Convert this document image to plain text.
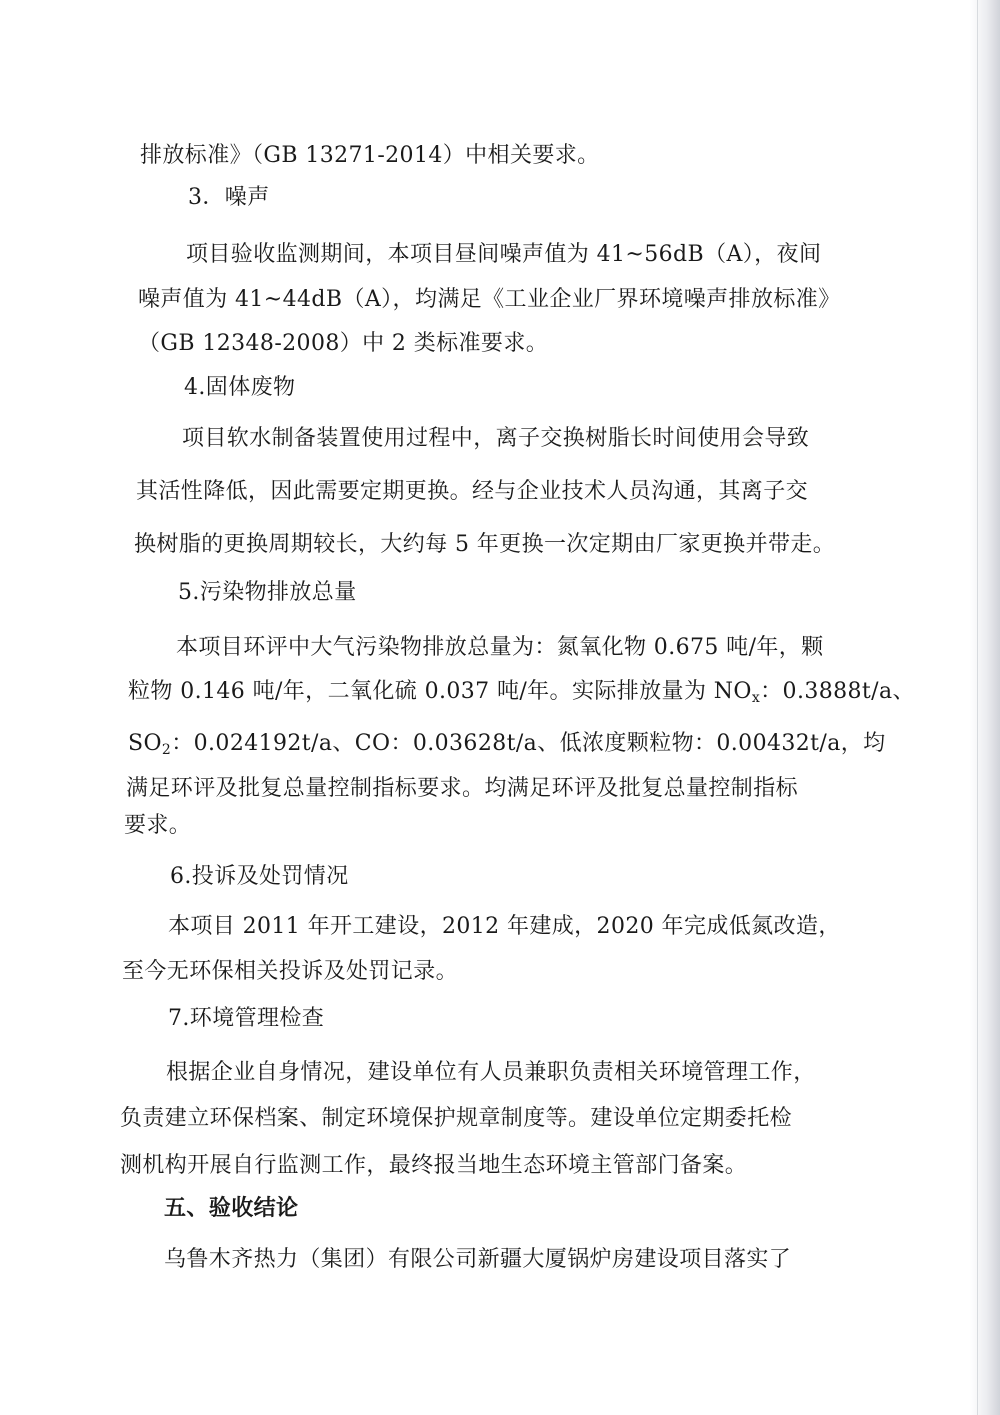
排放标准》（GB 13271-2014）中相关要求。
3．噪声
项目验收监测期间，本项目昼间噪声值为 41~56dB（A），夜间
噪声值为 41~44dB（A），均满足《工业企业厂界环境噪声排放标准》
（GB 12348-2008）中 2 类标准要求。
4.固体废物
项目软水制备装置使用过程中，离子交换树脂长时间使用会导致
其活性降低，因此需要定期更换。经与企业技术人员沟通，其离子交
换树脂的更换周期较长，大约每 5 年更换一次定期由厂家更换并带走。
5.污染物排放总量
本项目环评中大气污染物排放总量为：氮氧化物 0.675 吨/年，颗
粒物 0.146 吨/年，二氧化硫 0.037 吨/年。实际排放量为 $NO_x$：0.3888t/a、
$SO_2$：0.024192t/a、CO：0.03628t/a、低浓度颗粒物：0.00432t/a，均
满足环评及批复总量控制指标要求。均满足环评及批复总量控制指标
要求。
6.投诉及处罚情况
本项目 2011 年开工建设，2012 年建成，2020 年完成低氮改造，
至今无环保相关投诉及处罚记录。
7.环境管理检查
根据企业自身情况，建设单位有人员兼职负责相关环境管理工作，
负责建立环保档案、制定环境保护规章制度等。建设单位定期委托检
测机构开展自行监测工作，最终报当地生态环境主管部门备案。
五、验收结论
乌鲁木齐热力（集团）有限公司新疆大厦锅炉房建设项目落实了
